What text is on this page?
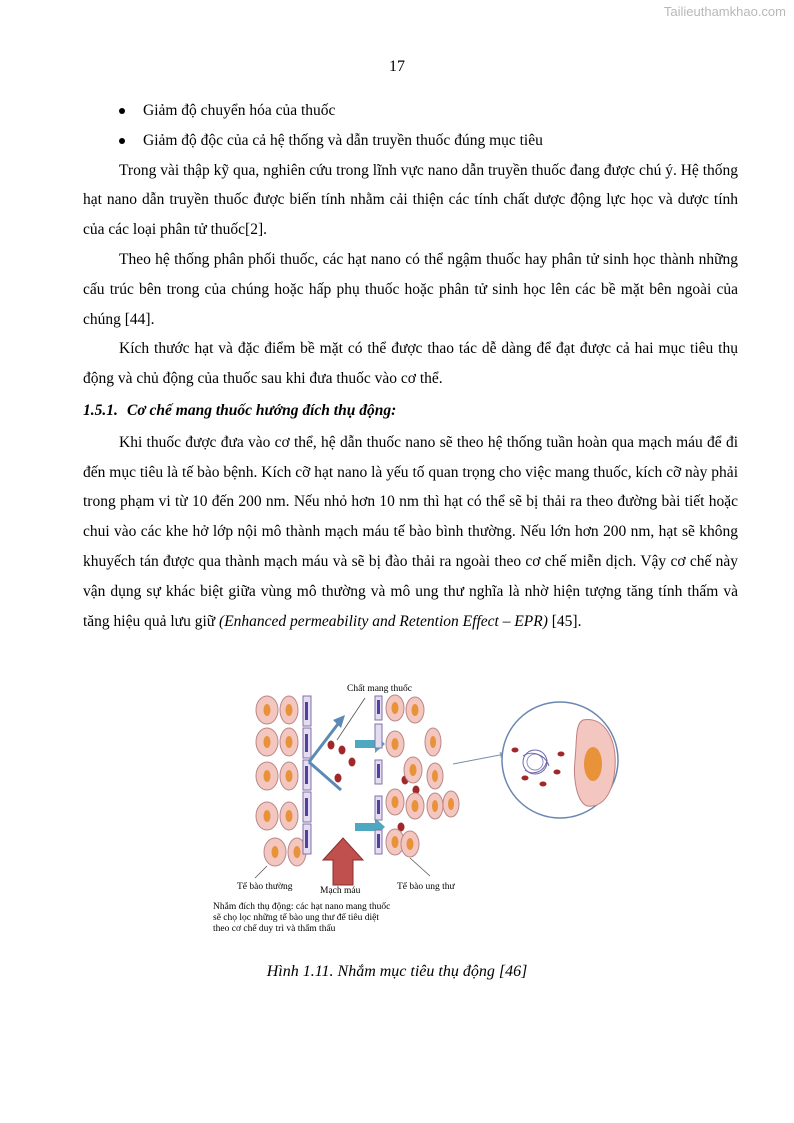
Tailieuthamkhao.com
17
Giảm độ chuyển hóa của thuốc
Giảm độ độc của cả hệ thống và dẫn truyền thuốc đúng mục tiêu

Trong vài thập kỹ qua, nghiên cứu trong lĩnh vực nano dẫn truyền thuốc đang được chú ý. Hệ thống hạt nano dẫn truyền thuốc được biến tính nhằm cải thiện các tính chất dược động lực học và dược tính của các loại phân tử thuốc[2].

Theo hệ thống phân phối thuốc, các hạt nano có thể ngậm thuốc hay phân tử sinh học thành những cấu trúc bên trong của chúng hoặc hấp phụ thuốc hoặc phân tử sinh học lên các bề mặt bên ngoài của chúng [44].

Kích thước hạt và đặc điểm bề mặt có thể được thao tác dễ dàng để đạt được cả hai mục tiêu thụ động và chủ động của thuốc sau khi đưa thuốc vào cơ thể.

1.5.1. Cơ chế mang thuốc hướng đích thụ động:

Khi thuốc được đưa vào cơ thể, hệ dẫn thuốc nano sẽ theo hệ thống tuần hoàn qua mạch máu để đi đến mục tiêu là tế bào bệnh. Kích cỡ hạt nano là yếu tố quan trọng cho việc mang thuốc, kích cỡ này phải trong phạm vi từ 10 đến 200 nm. Nếu nhỏ hơn 10 nm thì hạt có thể sẽ bị thải ra theo đường bài tiết hoặc chui vào các khe hở lớp nội mô thành mạch máu tế bào bình thường. Nếu lớn hơn 200 nm, hạt sẽ không khuyếch tán được qua thành mạch máu và sẽ bị đào thải ra ngoài theo cơ chế miễn dịch. Vậy cơ chế này vận dụng sự khác biệt giữa vùng mô thường và mô ung thư nghĩa là nhờ hiện tượng tăng tính thấm và tăng hiệu quả lưu giữ (Enhanced permeability and Retention Effect – EPR) [45].

Chất mang thuốc
Tế bào thường	Mạch máu	Tế bào ung thư
Nhắm đích thụ động: các hạt nano mang thuốc
sẽ chọ lọc những tế bào ung thư để tiêu diệt
theo cơ chế duy trì và thẩm thấu
Hình 1.11. Nhắm mục tiêu thụ động [46]
